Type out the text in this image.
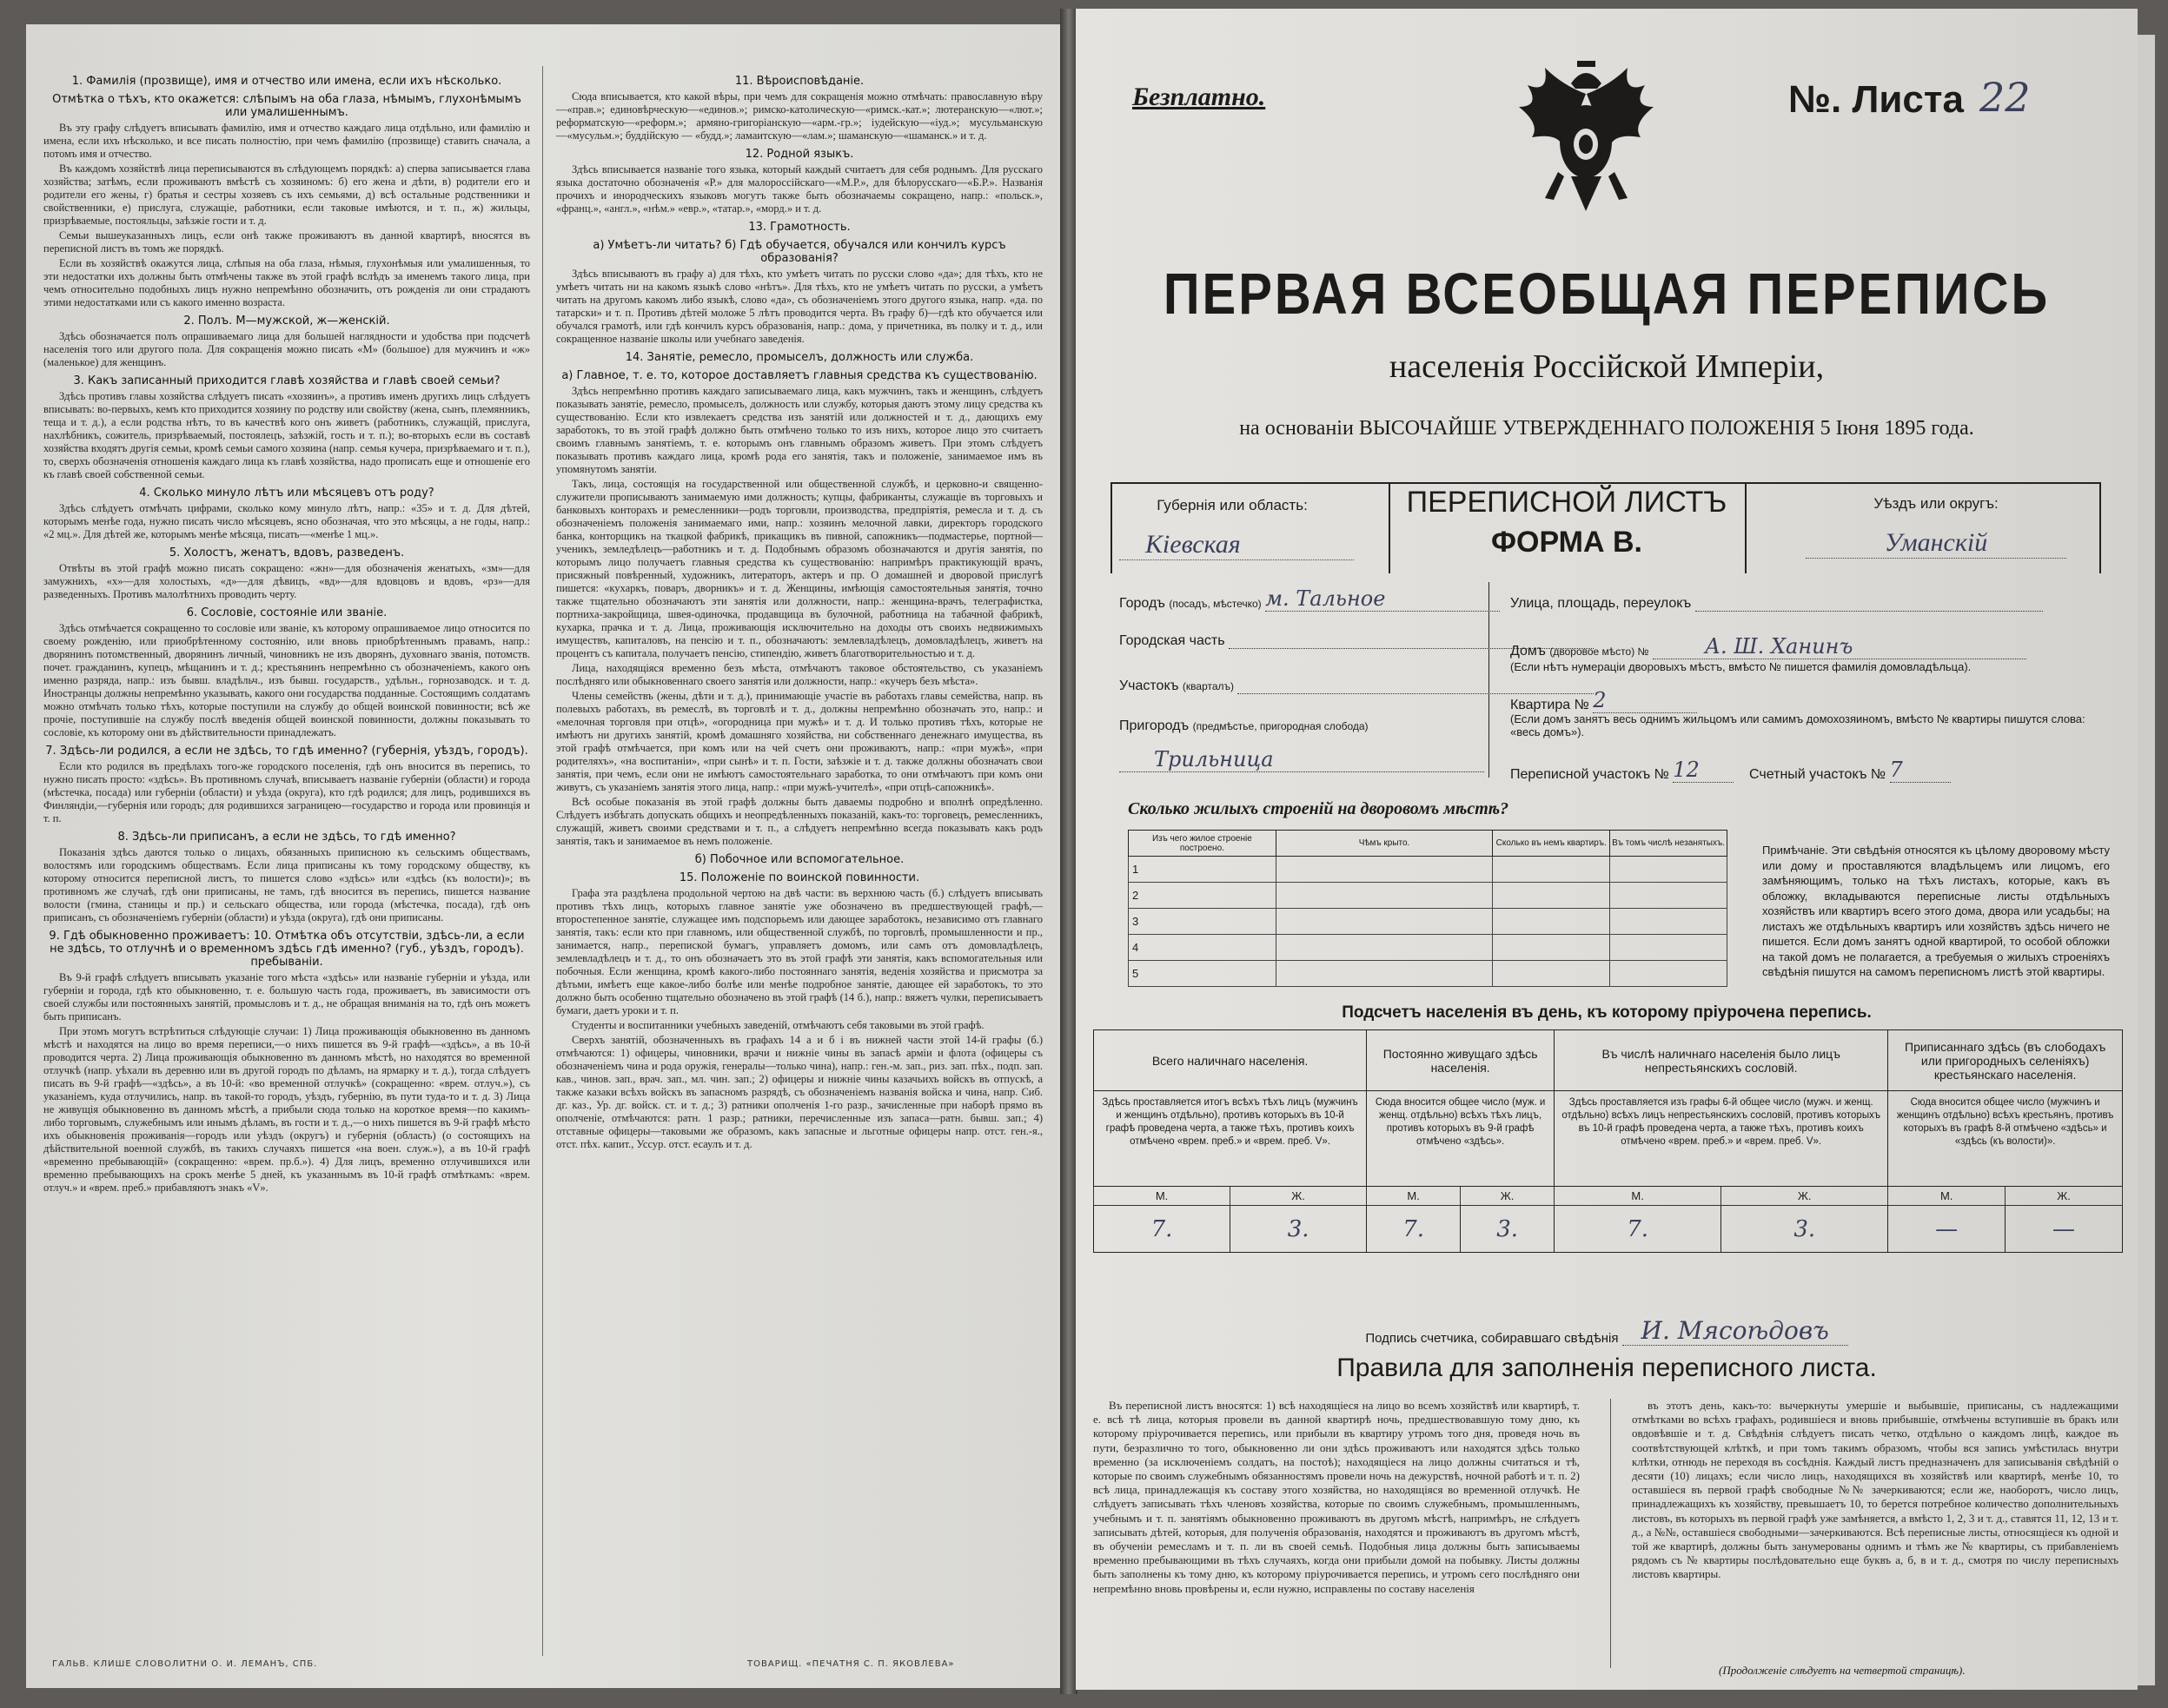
1. Фамилія (прозвище), имя и отчество или имена, если ихъ нѣсколько.
Отмѣтка о тѣхъ, кто окажется: слѣпымъ на оба глаза, нѣмымъ, глухонѣмымъ или умалишеннымъ.

Въ эту графу слѣдуетъ вписывать фамилію, имя и отчество каждаго лица отдѣльно, или фамилію и имена, если ихъ нѣсколько, и все писать полностію, при чемъ фамилію (прозвище) ставить сначала, а потомъ имя и отчество.

Въ каждомъ хозяйствѣ лица переписываются въ слѣдующемъ порядкѣ: а) сперва записывается глава хозяйства; затѣмъ, если проживаютъ вмѣстѣ съ хозяиномъ: б) его жена и дѣти, в) родители его и родители его жены, г) братья и сестры хозяевъ съ ихъ семьями, д) всѣ остальные родственники и свойственники, е) прислуга, служащіе, работники, если таковые имѣются, и т. п., ж) жильцы, призрѣваемые, постояльцы, заѣзжіе гости и т. д.

Семьи вышеуказанныхъ лицъ, если онѣ также проживаютъ въ данной квартирѣ, вносятся въ переписной листъ въ томъ же порядкѣ.

Если въ хозяйствѣ окажутся лица, слѣпыя на оба глаза, нѣмыя, глухонѣмыя или умалишенныя, то эти недостатки ихъ должны быть отмѣчены также въ этой графѣ вслѣдъ за именемъ такого лица, при чемъ относительно подобныхъ лицъ нужно непремѣнно обозначить, отъ рожденія ли они страдаютъ этими недостатками или съ какого именно возраста.

2. Полъ. М—мужской, ж—женскій.

Здѣсь обозначается полъ опрашиваемаго лица для большей наглядности и удобства при подсчетѣ населенія того или другого пола. Для сокращенія можно писать «М» (большое) для мужчинъ и «ж» (маленькое) для женщинъ.

3. Какъ записанный приходится главѣ хозяйства и главѣ своей семьи?

Здѣсь противъ главы хозяйства слѣдуетъ писать «хозяинъ», а противъ именъ другихъ лицъ слѣдуетъ вписывать: во-первыхъ, кемъ кто приходится хозяину по родству или свойству (жена, сынъ, племянникъ, теща и т. д.), а если родства нѣтъ, то въ качествѣ кого онъ живетъ (работникъ, служащій, прислуга, нахлѣбникъ, сожитель, призрѣваемый, постоялецъ, заѣзжій, гость и т. п.); во-вторыхъ если въ составѣ хозяйства входятъ другія семьи, кромѣ семьи самого хозяина (напр. семья кучера, призрѣваемаго и т. п.), то, сверхъ обозначенія отношенія каждаго лица къ главѣ хозяйства, надо прописать еще и отношеніе его къ главѣ своей собственной семьи.

4. Сколько минуло лѣтъ или мѣсяцевъ отъ роду?

Здѣсь слѣдуетъ отмѣчать цифрами, сколько кому минуло лѣтъ, напр.: «35» и т. д. Для дѣтей, которымъ менѣе года, нужно писать число мѣсяцевъ, ясно обозначая, что это мѣсяцы, а не годы, напр.: «2 мц.». Для дѣтей же, которымъ менѣе мѣсяца, писать—«менѣе 1 мц.».

5. Холостъ, женатъ, вдовъ, разведенъ.

Отвѣты въ этой графѣ можно писать сокращено: «жн»—для обозначенія женатыхъ, «зм»—для замужнихъ, «х»—для холостыхъ, «д»—для дѣвицъ, «вд»—для вдовцовъ и вдовъ, «рз»—для разведенныхъ. Противъ малолѣтнихъ проводить черту.

6. Сословіе, состояніе или званіе.

Здѣсь отмѣчается сокращенно то сословіе или званіе, къ которому опрашиваемое лицо относится по своему рожденію, или приобрѣтенному состоянію, или вновь приобрѣтеннымъ правамъ, напр.: дворянинъ потомственный, дворянинъ личный, чиновникъ не изъ дворянъ, духовнаго званія, потомств. почет. гражданинъ, купецъ, мѣщанинъ и т. д.; крестьянинъ непремѣнно съ обозначеніемъ, какого онъ именно разряда, напр.: изъ бывш. владѣльч., изъ бывш. государств., удѣльн., горнозаводск. и т. д. Иностранцы должны непремѣнно указывать, какого они государства подданные. Состоящимъ солдатамъ можно отмѣчать только тѣхъ, которые поступили на службу до общей воинской повинности; всѣ же прочіе, поступившіе на службу послѣ введенія общей воинской повинности, должны показывать то сословіе, къ которому они въ дѣйствительности принадлежатъ.

7. Здѣсь-ли родился, а если не здѣсь, то гдѣ именно? (губернія, уѣздъ, городъ).

Если кто родился въ предѣлахъ того-же городского поселенія, гдѣ онъ вносится въ перепись, то нужно писать просто: «здѣсь». Въ противномъ случаѣ, вписываетъ названіе губерніи (области) и города (мѣстечка, посада) или губерніи (области) и уѣзда (округа), кто гдѣ родился; для лицъ, родившихся въ Финляндіи,—губернія или городъ; для родившихся заграницею—государство и города или провинція и т. п.

8. Здѣсь-ли приписанъ, а если не здѣсь, то гдѣ именно?

Показанія здѣсь даются только о лицахъ, обязанныхъ приписною къ сельскимъ обществамъ, волостямъ или городскимъ обществамъ. Если лица приписаны къ тому городскому обществу, къ которому относится переписной листъ, то пишется слово «здѣсь» или «здѣсь (къ волости)»; въ противномъ же случаѣ, гдѣ они приписаны, не тамъ, гдѣ вносится въ перепись, пишется название волости (гмина, станицы и пр.) и сельскаго общества, или города (мѣстечка, посада), гдѣ онъ приписанъ, съ обозначеніемъ губерніи (области) и уѣзда (округа), гдѣ они приписаны.

9. Гдѣ обыкновенно проживаетъ: 10. Отмѣтка объ отсутствіи, здѣсь-ли, а если не здѣсь, то отлучнѣ и о временномъ здѣсь гдѣ именно? (губ., уѣздъ, городъ). пребываніи.

Въ 9-й графѣ слѣдуетъ вписывать указаніе того мѣста «здѣсь» или названіе губерніи и уѣзда, или губерніи и города, гдѣ кто обыкновенно, т. е. большую часть года, проживаетъ, въ зависимости отъ своей службы или постоянныхъ занятій, промысловъ и т. д., не обращая вниманія на то, гдѣ онъ можетъ быть приписанъ.

При этомъ могутъ встрѣтиться слѣдующіе случаи: 1) Лица проживающія обыкновенно въ данномъ мѣстѣ и находятся на лицо во время переписи,—о нихъ пишется въ 9-й графѣ—«здѣсь», а въ 10-й проводится черта. 2) Лица проживающія обыкновенно въ данномъ мѣстѣ, но находятся во временной отлучкѣ (напр. уѣхали въ деревню или въ другой городъ по дѣламъ, на ярмарку и т. д.), тогда слѣдуетъ писать въ 9-й графѣ—«здѣсь», а въ 10-й: «во временной отлучкѣ» (сокращенно: «врем. отлуч.»), съ указаніемъ, куда отлучились, напр. въ такой-то городъ, уѣздъ, губернію, въ пути туда-то и т. д. 3) Лица не живущія обыкновенно въ данномъ мѣстѣ, а прибыли сюда только на короткое время—по какимъ-либо торговымъ, служебнымъ или инымъ дѣламъ, въ гости и т. д.,—о нихъ пишется въ 9-й графѣ мѣсто ихъ обыкновенія проживанія—городъ или уѣздъ (округъ) и губернія (область) (о состоящихъ на дѣйствительной военной службѣ, въ такихъ случаяхъ пишется «на воен. служ.»), а въ 10-й графѣ «временно пребывающій» (сокращенно: «врем. пр.б.»). 4) Для лицъ, временно отлучившихся или временно пребывающихъ на срокъ менѣе 5 дней, къ указаннымъ въ 10-й графѣ отмѣткамъ: «врем. отлуч.» и «врем. преб.» прибавляютъ знакъ «V».

11. Вѣроисповѣданіе.

Сюда вписывается, кто какой вѣры, при чемъ для сокращенія можно отмѣчать: православную вѣру—«прав.»; единовѣрческую—«единов.»; римско-католическую—«римск.-кат.»; лютеранскую—«лют.»; реформатскую—«реформ.»; армяно-григоріанскую—«арм.-гр.»; іудейскую—«іуд.»; мусульманскую—«мусульм.»; буддійскую — «будд.»; ламаитскую—«лам.»; шаманскую—«шаманск.» и т. д.

12. Родной языкъ.

Здѣсь вписывается названіе того языка, который каждый считаетъ для себя роднымъ. Для русскаго языка достаточно обозначенія «Р.» для малороссійскаго—«М.Р.», для бѣлорусскаго—«Б.Р.». Названія прочихъ и инородческихъ языковъ могутъ также быть обозначаемы сокращено, напр.: «польск.», «франц.», «англ.», «нѣм.» «евр.», «татар.», «морд.» и т. д.

13. Грамотность.
а) Умѣетъ-ли читать? б) Гдѣ обучается, обучался или кончилъ курсъ образованія?

Здѣсь вписываютъ въ графу а) для тѣхъ, кто умѣетъ читать по русски слово «да»; для тѣхъ, кто не умѣетъ читать ни на какомъ языкѣ слово «нѣтъ». Для тѣхъ, кто не умѣетъ читать по русски, а умѣетъ читать на другомъ какомъ либо языкѣ, слово «да», съ обозначеніемъ этого другого языка, напр. «да. по татарски» и т. п. Противъ дѣтей моложе 5 лѣтъ проводится черта. Въ графу б)—гдѣ кто обучается или обучался грамотѣ, или гдѣ кончилъ курсъ образованія, напр.: дома, у причетника, въ полку и т. д., или сокращенное названіе школы или учебнаго заведенія.

14. Занятіе, ремесло, промыселъ, должность или служба.
а) Главное, т. е. то, которое доставляетъ главныя средства къ существованію.

Здѣсь непремѣнно противъ каждаго записываемаго лица, какъ мужчинъ, такъ и женщинъ, слѣдуетъ показывать занятіе, ремесло, промыселъ, должность или службу, которыя даютъ этому лицу средства къ существованію. Если кто извлекаетъ средства изъ занятій или должностей и т. д., дающихъ ему заработокъ, то въ этой графѣ должно быть отмѣчено только то изъ нихъ, которое лицо это считаетъ своимъ главнымъ занятіемъ, т. е. которымъ онъ главнымъ образомъ живетъ. При этомъ слѣдуетъ показывать противъ каждаго лица, кромѣ рода его занятія, такъ и положеніе, занимаемое имъ въ упомянутомъ занятіи.

Такъ, лица, состоящія на государственной или общественной службѣ, и церковно-и священно-служители прописываютъ занимаемую ими должность; купцы, фабриканты, служащіе въ торговыхъ и банковыхъ конторахъ и ремесленники—родъ торговли, производства, предпріятія, ремесла и т. д. съ обозначеніемъ положенія занимаемаго ими, напр.: хозяинъ мелочной лавки, директоръ городского банка, конторщикъ на ткацкой фабрикѣ, прикащикъ въ пивной, сапожникъ—подмастерье, портной—ученикъ, земледѣлецъ—работникъ и т. д. Подобнымъ образомъ обозначаются и другія занятія, по которымъ лицо получаетъ главныя средства къ существованію: напримѣръ практикующій врачъ, присяжный повѣренный, художникъ, литераторъ, актеръ и пр. О домашней и дворовой прислугѣ пишется: «кухаркъ, поваръ, дворникъ» и т. д. Женщины, имѣющія самостоятельныя занятія, точно также тщательно обозначаютъ эти занятія или должности, напр.: женщина-врачъ, телеграфистка, портниха-закройщица, швея-одиночка, продавщица въ булочной, работница на табачной фабрикѣ, кухарка, прачка и т. д. Лица, проживающія исключительно на доходы отъ своихъ недвижимыхъ имуществъ, капиталовъ, на пенсію и т. п., обозначаютъ: землевладѣлецъ, домовладѣлецъ, живетъ на процентъ съ капитала, получаетъ пенсію, стипендію, живетъ благотворительностью и т. д.

Лица, находящіяся временно безъ мѣста, отмѣчаютъ таковое обстоятельство, съ указаніемъ послѣдняго или обыкновеннаго своего занятія или должности, напр.: «кучеръ безъ мѣста».

Члены семействъ (жены, дѣти и т. д.), принимающіе участіе въ работахъ главы семейства, напр. въ полевыхъ работахъ, въ ремеслѣ, въ торговлѣ и т. д., должны непремѣнно обозначать это, напр.: и «мелочная торговля при отцѣ», «огородница при мужѣ» и т. д. И только противъ тѣхъ, которые не имѣютъ ни другихъ занятій, кромѣ домашняго хозяйства, ни собственнаго денежнаго имущества, въ этой графѣ отмѣчается, при комъ или на чей счетъ они проживаютъ, напр.: «при мужѣ», «при родителяхъ», «на воспитаніи», «при сынѣ» и т. п. Гости, заѣзжіе и т. д. также должны обозначать свои занятія, при чемъ, если они не имѣютъ самостоятельнаго заработка, то они отмѣчаютъ при комъ они живутъ, съ указаніемъ занятія этого лица, напр.: «при мужѣ-учителѣ», «при отцѣ-сапожникѣ».

Всѣ особые показанія въ этой графѣ должны быть даваемы подробно и вполнѣ опредѣленно. Слѣдуетъ избѣгать допускать общихъ и неопредѣленныхъ показаній, какъ-то: торговецъ, ремесленникъ, служащій, живетъ своими средствами и т. п., а слѣдуетъ непремѣнно всегда показывать какъ родъ занятія, такъ и занимаемое въ немъ положеніе.

б) Побочное или вспомогательное.
15. Положеніе по воинской повинности.

Графа эта раздѣлена продольной чертою на двѣ части: въ верхнюю часть (б.) слѣдуетъ вписывать противъ тѣхъ лицъ, которыхъ главное занятіе уже обозначено въ предшествующей графѣ,—второстепенное занятіе, служащее имъ подспорьемъ или дающее заработокъ, независимо отъ главнаго занятія, такъ: если кто при главномъ, или общественной службѣ, по торговлѣ, промышленности и пр., занимается, напр., перепиской бумагъ, управляетъ домомъ, или самъ отъ домовладѣлецъ, землевладѣлецъ и т. д., то онъ обозначаетъ это въ этой графѣ эти занятія, какъ вспомогательныя или побочныя. Если женщина, кромѣ какого-либо постояннаго занятія, веденія хозяйства и присмотра за дѣтьми, имѣетъ еще какое-либо болѣе или менѣе подробное занятіе, дающее ей заработокъ, то это должно быть особенно тщательно обозначено въ этой графѣ (14 б.), напр.: вяжетъ чулки, переписываетъ бумаги, даетъ уроки и т. п.

Студенты и воспитанники учебныхъ заведеній, отмѣчаютъ себя таковыми въ этой графѣ.

Сверхъ занятій, обозначенныхъ въ графахъ 14 а и б і въ нижней части этой 14-й графы (б.) отмѣчаются: 1) офицеры, чиновники, врачи и нижніе чины въ запасѣ арміи и флота (офицеры съ обозначеніемъ чина и рода оружія, генералы—только чина), напр.: ген.-м. зап., риз. зап. пѣх., подп. зап. кав., чинов. зап., врач. зап., мл. чин. зап.; 2) офицеры и нижніе чины казачьихъ войскъ въ отпускѣ, а также казаки всѣхъ войскъ въ запасномъ разрядѣ, съ обозначеніемъ названія войска и чина, напр. Сиб. дг. каз., Ур. дг. войск. ст. и т. д.; 3) ратники ополченія 1-го разр., зачисленные при наборѣ прямо въ ополченіе, отмѣчаются: ратн. 1 разр.; ратники, перечисленные изъ запаса—ратн. бывш. зап.; 4) отставные офицеры—таковыми же образомъ, какъ запасные и льготные офицеры напр. отст. ген.-я., отст. пѣх. капит., Уссур. отст. есаулъ и т. д.

ГАЛЬВ. КЛИШЕ СЛОВОЛИТНИ О. И. ЛЕМАНЪ, СПБ.	ТОВАРИЩ. «ПЕЧАТНЯ С. П. ЯКОВЛЕВА»
Безплатно.	№. Листа 22
ПЕРВАЯ ВСЕОБЩАЯ ПЕРЕПИСЬ
населенія Россійской Имперіи,
на основаніи ВЫСОЧАЙШЕ УТВЕРЖДЕННАГО ПОЛОЖЕНІЯ 5 Іюня 1895 года.
Губернія или область:
Кіевская
ПЕРЕПИСНОЙ ЛИСТЪ
ФОРМА В.
Уѣздъ или округъ:
Уманскій
Городъ (посадъ, мѣстечко) м. Тальное
Городская часть
Участокъ (кварталъ)
Пригородъ (предмѣстье, пригородная слобода)
Трильница
Улица, площадь, переулокъ
Домъ (дворовое мѣсто) №	А. Ш. Ханинъ
(Если нѣтъ нумераціи дворовыхъ мѣстъ, вмѣсто № пишется фамилія домовладѣльца).
Квартира № 2
(Если домъ занятъ весь однимъ жильцомъ или самимъ домохозяиномъ, вмѣсто № квартиры пишутся слова: «весь домъ»).
Переписной участокъ № 12	Счетный участокъ № 7
Сколько жилыхъ строеній на дворовомъ мѣстѣ?
Изъ чего жилое строеніе построено.	Чѣмъ крыто.	Сколько въ немъ квартиръ.	Въ томъ числѣ незанятыхъ.
1			
2			
3			
4			
5			
Примѣчаніе. Эти свѣдѣнія относятся къ цѣлому дворовому мѣсту или дому и проставляются владѣльцемъ или лицомъ, его замѣняющимъ, только на тѣхъ листахъ, которые, какъ въ обложку, вкладываются переписные листы отдѣльныхъ хозяйствъ или квартиръ всего этого дома, двора или усадьбы; на листахъ же отдѣльныхъ квартиръ или хозяйствъ здѣсь ничего не пишется. Если домъ занятъ одной квартирой, то особой обложки на такой домъ не полагается, а требуемыя о жилыхъ строеніяхъ свѣдѣнія пишутся на самомъ переписномъ листѣ этой квартиры.
Подсчетъ населенія въ день, къ которому пріурочена перепись.
Всего наличнаго населенія.		Постоянно живущаго здѣсь населенія.		Въ числѣ наличнаго населенія было лицъ непрестьянскихъ сословій.		Приписаннаго здѣсь (въ слободахъ или пригородныхъ селеніяхъ) крестьянскаго населенія.	
Здѣсь проставляется итогъ всѣхъ тѣхъ лицъ (мужчинъ и женщинъ отдѣльно), противъ которыхъ въ 10-й графѣ проведена черта, а также тѣхъ, противъ коихъ отмѣчено «врем. преб.» и «врем. преб. V».		Сюда вносится общее число (муж. и женщ. отдѣльно) всѣхъ тѣхъ лицъ, противъ которыхъ въ 9-й графѣ отмѣчено «здѣсь».		Здѣсь проставляется изъ графы 6-й общее число (мужч. и женщ. отдѣльно) всѣхъ лицъ непрестьянскихъ сословій, противъ которыхъ въ 10-й графѣ проведена черта, а также тѣхъ, противъ коихъ отмѣчено «врем. преб.» и «врем. преб. V».		Сюда вносится общее число (мужчинъ и женщинъ отдѣльно) всѣхъ крестьянъ, противъ которыхъ въ графѣ 8-й отмѣчено «здѣсь» и «здѣсь (къ волости)».	
М.	Ж.	М.	Ж.	М.	Ж.	М.	Ж.
7.	3.	7.	3.	7.	3.	—	—
Подпись счетчика, собиравшаго свѣдѣнія И. Мясоѣдовъ
Правила для заполненія переписного листа.

Въ переписной листъ вносятся: 1) всѣ находящіеся на лицо во всемъ хозяйствѣ или квартирѣ, т. е. всѣ тѣ лица, которыя провели въ данной квартирѣ ночь, предшествовавшую тому дню, къ которому пріурочивается перепись, или прибыли въ квартиру утромъ того дня, проведя ночь въ пути, безразлично то того, обыкновенно ли они здѣсь проживаютъ или находятся здѣсь только временно (за исключеніемъ солдатъ, на постоѣ); находящіеся на лицо должны считаться и тѣ, которые по своимъ служебнымъ обязанностямъ провели ночь на дежурствѣ, ночной работѣ и т. п. 2) всѣ лица, принадлежащія къ составу этого хозяйства, но находящіяся во временной отлучкѣ. Не слѣдуетъ записывать тѣхъ членовъ хозяйства, которые по своимъ служебнымъ, промышленнымъ, учебнымъ и т. п. занятіямъ обыкновенно проживаютъ въ другомъ мѣстѣ, напримѣръ, не слѣдуетъ записывать дѣтей, которыя, для полученія образованія, находятся и проживаютъ въ другомъ мѣстѣ, въ обученіи ремесламъ и т. п. ли въ своей семьѣ. Подобныя лица должны быть записываемы временно пребывающими въ тѣхъ случаяхъ, когда они прибыли домой на побывку. Листы должны быть заполнены къ тому дню, къ которому пріурочивается перепись, и утромъ сего послѣдняго они непремѣнно вновь провѣрены и, если нужно, исправлены по составу населенія

въ этотъ день, какъ-то: вычеркнуты умершіе и выбывшіе, приписаны, съ надлежащими отмѣтками во всѣхъ графахъ, родившіеся и вновь прибывшіе, отмѣчены вступившіе въ бракъ или овдовѣвшіе и т. д. Свѣдѣнія слѣдуетъ писать четко, отдѣльно о каждомъ лицѣ, каждое въ соотвѣтствующей клѣткѣ, и при томъ такимъ образомъ, чтобы вся запись умѣстилась внутри клѣтки, отнюдь не переходя въ сосѣднія. Каждый листъ предназначенъ для записыванія свѣдѣній о десяти (10) лицахъ; если число лицъ, находящихся въ хозяйствѣ или квартирѣ, менѣе 10, то оставшіеся въ первой графѣ свободные №№ зачеркиваются; если же, наоборотъ, число лицъ, принадлежащихъ къ хозяйству, превышаетъ 10, то берется потребное количество дополнительныхъ листовъ, въ которыхъ въ первой графѣ уже замѣняется, а вмѣсто 1, 2, 3 и т. д., ставятся 11, 12, 13 и т. д., а №№, оставшіеся свободными—зачеркиваются. Всѣ переписные листы, относящіеся къ одной и той же квартирѣ, должны быть занумерованы однимъ и тѣмъ же № квартиры, съ прибавленіемъ рядомъ съ № квартиры послѣдовательно еще буквъ а, б, в и т. д., смотря по числу переписныхъ листовъ квартиры.

(Продолженіе слѣдуетъ на четвертой страницѣ).
